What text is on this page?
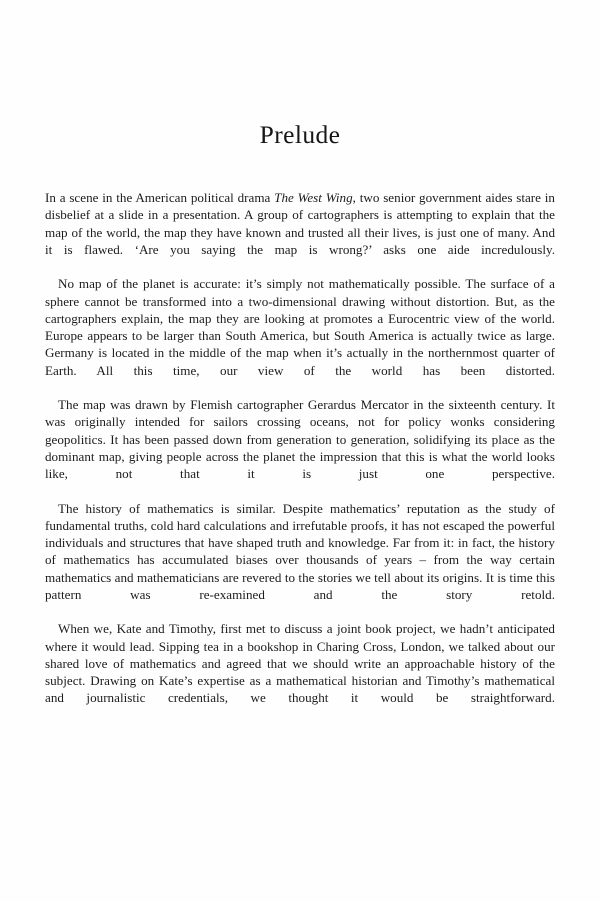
Prelude

In a scene in the American political drama The West Wing, two senior government aides stare in disbelief at a slide in a presentation. A group of cartographers is attempting to explain that the map of the world, the map they have known and trusted all their lives, is just one of many. And it is flawed. ‘Are you saying the map is wrong?’ asks one aide incredulously.

No map of the planet is accurate: it’s simply not mathematically possible. The surface of a sphere cannot be transformed into a two-dimensional drawing without distortion. But, as the cartographers explain, the map they are looking at promotes a Eurocentric view of the world. Europe appears to be larger than South America, but South America is actually twice as large. Germany is located in the middle of the map when it’s actually in the northernmost quarter of Earth. All this time, our view of the world has been distorted.

The map was drawn by Flemish cartographer Gerardus Mercator in the sixteenth century. It was originally intended for sailors crossing oceans, not for policy wonks considering geopolitics. It has been passed down from generation to generation, solidifying its place as the dominant map, giving people across the planet the impression that this is what the world looks like, not that it is just one perspective.

The history of mathematics is similar. Despite mathematics’ reputation as the study of fundamental truths, cold hard calculations and irrefutable proofs, it has not escaped the powerful individuals and structures that have shaped truth and knowledge. Far from it: in fact, the history of mathematics has accumulated biases over thousands of years – from the way certain mathematics and mathematicians are revered to the stories we tell about its origins. It is time this pattern was re-examined and the story retold.

When we, Kate and Timothy, first met to discuss a joint book project, we hadn’t anticipated where it would lead. Sipping tea in a bookshop in Charing Cross, London, we talked about our shared love of mathematics and agreed that we should write an approachable history of the subject. Drawing on Kate’s expertise as a mathematical historian and Timothy’s mathematical and journalistic credentials, we thought it would be straightforward.
